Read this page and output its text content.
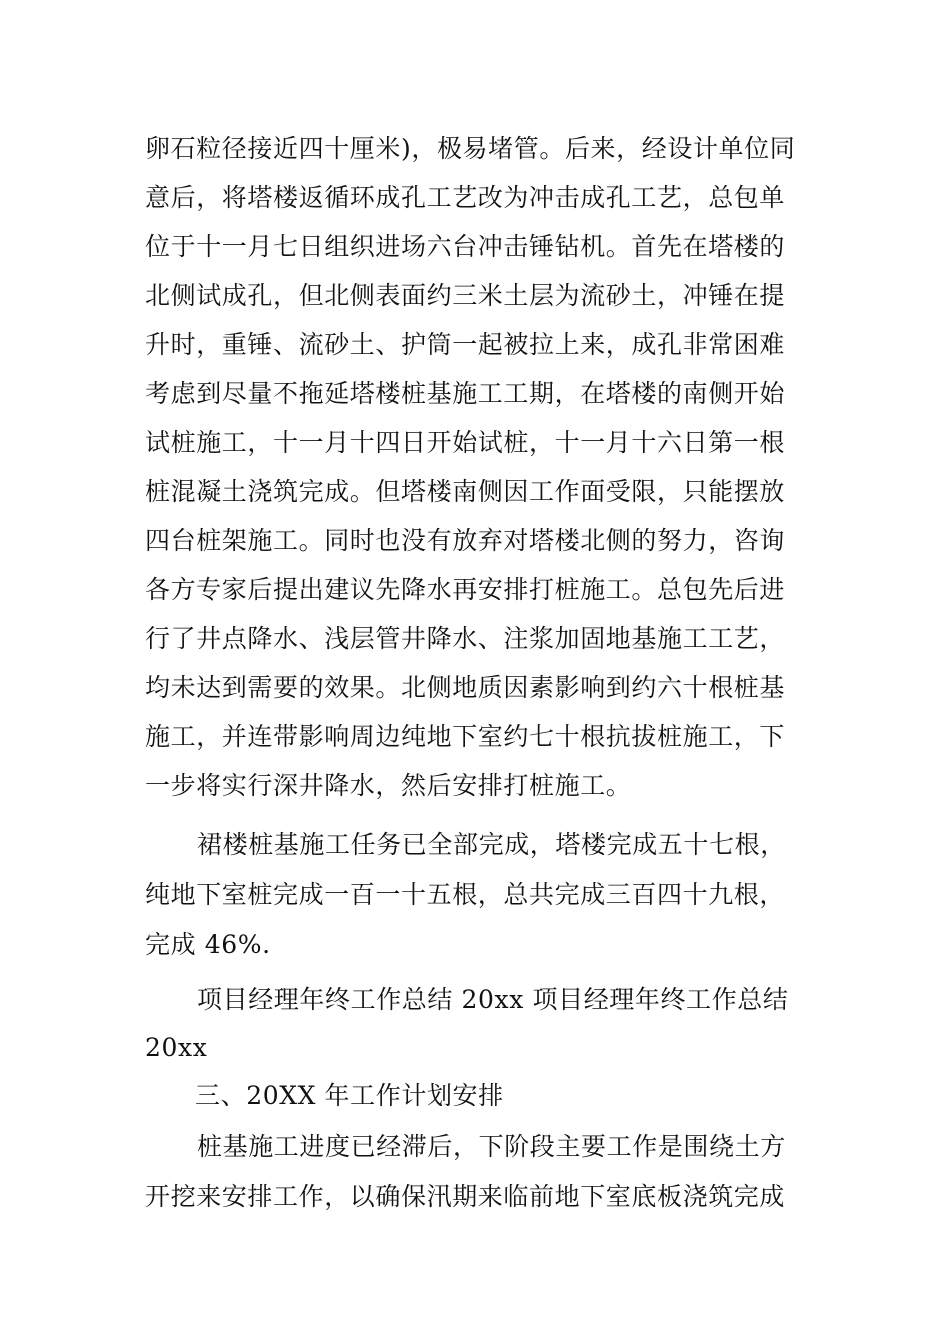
卵石粒径接近四十厘米)，极易堵管。后来，经设计单位同
意后，将塔楼返循环成孔工艺改为冲击成孔工艺，总包单
位于十一月七日组织进场六台冲击锤钻机。首先在塔楼的
北侧试成孔，但北侧表面约三米土层为流砂土，冲锤在提
升时，重锤、流砂土、护筒一起被拉上来，成孔非常困难
考虑到尽量不拖延塔楼桩基施工工期，在塔楼的南侧开始
试桩施工，十一月十四日开始试桩，十一月十六日第一根
桩混凝土浇筑完成。但塔楼南侧因工作面受限，只能摆放
四台桩架施工。同时也没有放弃对塔楼北侧的努力，咨询
各方专家后提出建议先降水再安排打桩施工。总包先后进
行了井点降水、浅层管井降水、注浆加固地基施工工艺，
均未达到需要的效果。北侧地质因素影响到约六十根桩基
施工，并连带影响周边纯地下室约七十根抗拔桩施工，下
一步将实行深井降水，然后安排打桩施工。
裙楼桩基施工任务已全部完成，塔楼完成五十七根，
纯地下室桩完成一百一十五根，总共完成三百四十九根，
完成 46%.
项目经理年终工作总结 20xx 项目经理年终工作总结
20xx
三、20XX 年工作计划安排
桩基施工进度已经滞后，下阶段主要工作是围绕土方
开挖来安排工作，以确保汛期来临前地下室底板浇筑完成
